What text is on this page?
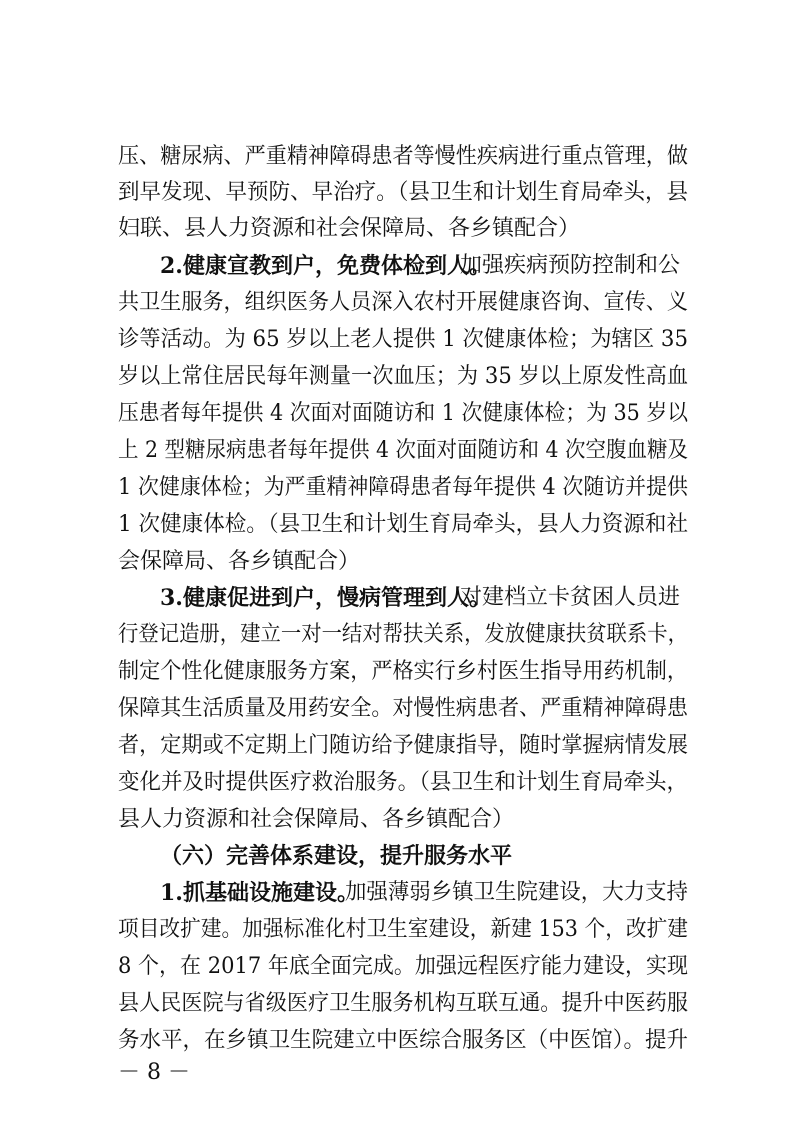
压、糖尿病、严重精神障碍患者等慢性疾病进行重点管理，做
到早发现、早预防、早治疗。（县卫生和计划生育局牵头，县
妇联、县人力资源和社会保障局、各乡镇配合）
2.健康宣教到户，免费体检到人。
加强疾病预防控制和公
共卫生服务，组织医务人员深入农村开展健康咨询、宣传、义
诊等活动。为 65 岁以上老人提供 1 次健康体检；为辖区 35
岁以上常住居民每年测量一次血压；为 35 岁以上原发性高血
压患者每年提供 4 次面对面随访和 1 次健康体检；为 35 岁以
上 2 型糖尿病患者每年提供 4 次面对面随访和 4 次空腹血糖及
1 次健康体检；为严重精神障碍患者每年提供 4 次随访并提供
1 次健康体检。（县卫生和计划生育局牵头，县人力资源和社
会保障局、各乡镇配合）
3.健康促进到户，慢病管理到人。
对建档立卡贫困人员进
行登记造册，建立一对一结对帮扶关系，发放健康扶贫联系卡，
制定个性化健康服务方案，严格实行乡村医生指导用药机制，
保障其生活质量及用药安全。对慢性病患者、严重精神障碍患
者，定期或不定期上门随访给予健康指导，随时掌握病情发展
变化并及时提供医疗救治服务。（县卫生和计划生育局牵头，
县人力资源和社会保障局、各乡镇配合）
（六）完善体系建设，提升服务水平
1.抓基础设施建设。
加强薄弱乡镇卫生院建设，大力支持
项目改扩建。加强标准化村卫生室建设，新建 153 个，改扩建
8 个，在 2017 年底全面完成。加强远程医疗能力建设，实现
县人民医院与省级医疗卫生服务机构互联互通。提升中医药服
务水平，在乡镇卫生院建立中医综合服务区（中医馆）。提升
－ 8 －
